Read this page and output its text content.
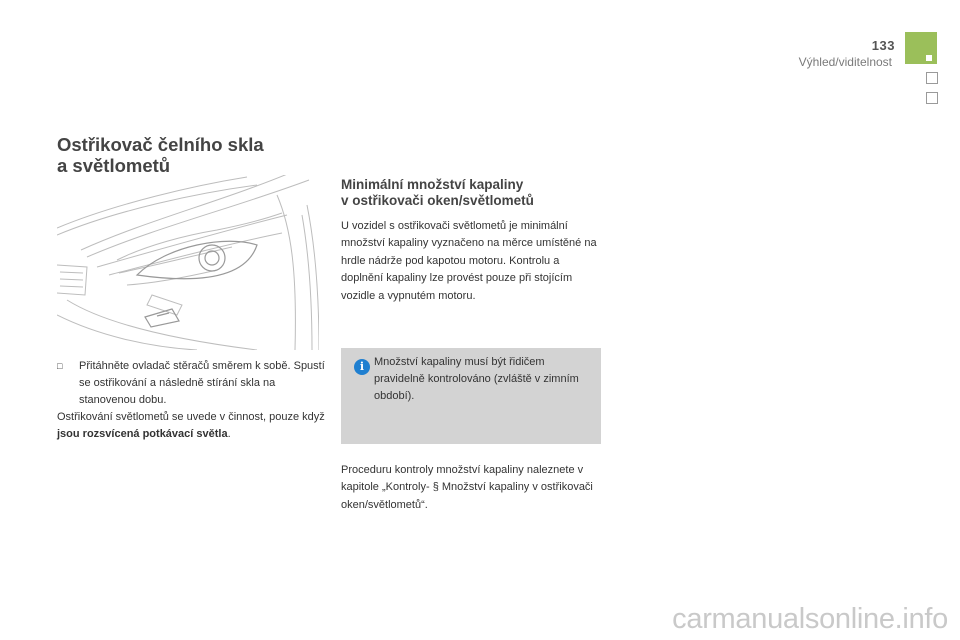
133
Výhled/viditelnost
Ostřikovač čelního skla
a světlometů
□ Přitáhněte ovladač stěračů směrem k sobě. Spustí se ostřikování a následně stírání skla na stanovenou dobu.
Ostřikování světlometů se uvede v činnost, pouze když jsou rozsvícená potkávací světla.
Minimální množství kapaliny
v ostřikovači oken/světlometů

U vozidel s ostřikovači světlometů je minimální množství kapaliny vyznačeno na měrce umístěné na hrdle nádrže pod kapotou motoru. Kontrolu a doplnění kapaliny lze provést pouze při stojícím vozidle a vypnutém motoru.

i Množství kapaliny musí být řidičem pravidelně kontrolováno (zvláště v zimním období).

Proceduru kontroly množství kapaliny naleznete v kapitole „Kontroly- § Množství kapaliny v ostřikovači oken/světlometů“.

carmanualsonline.info
